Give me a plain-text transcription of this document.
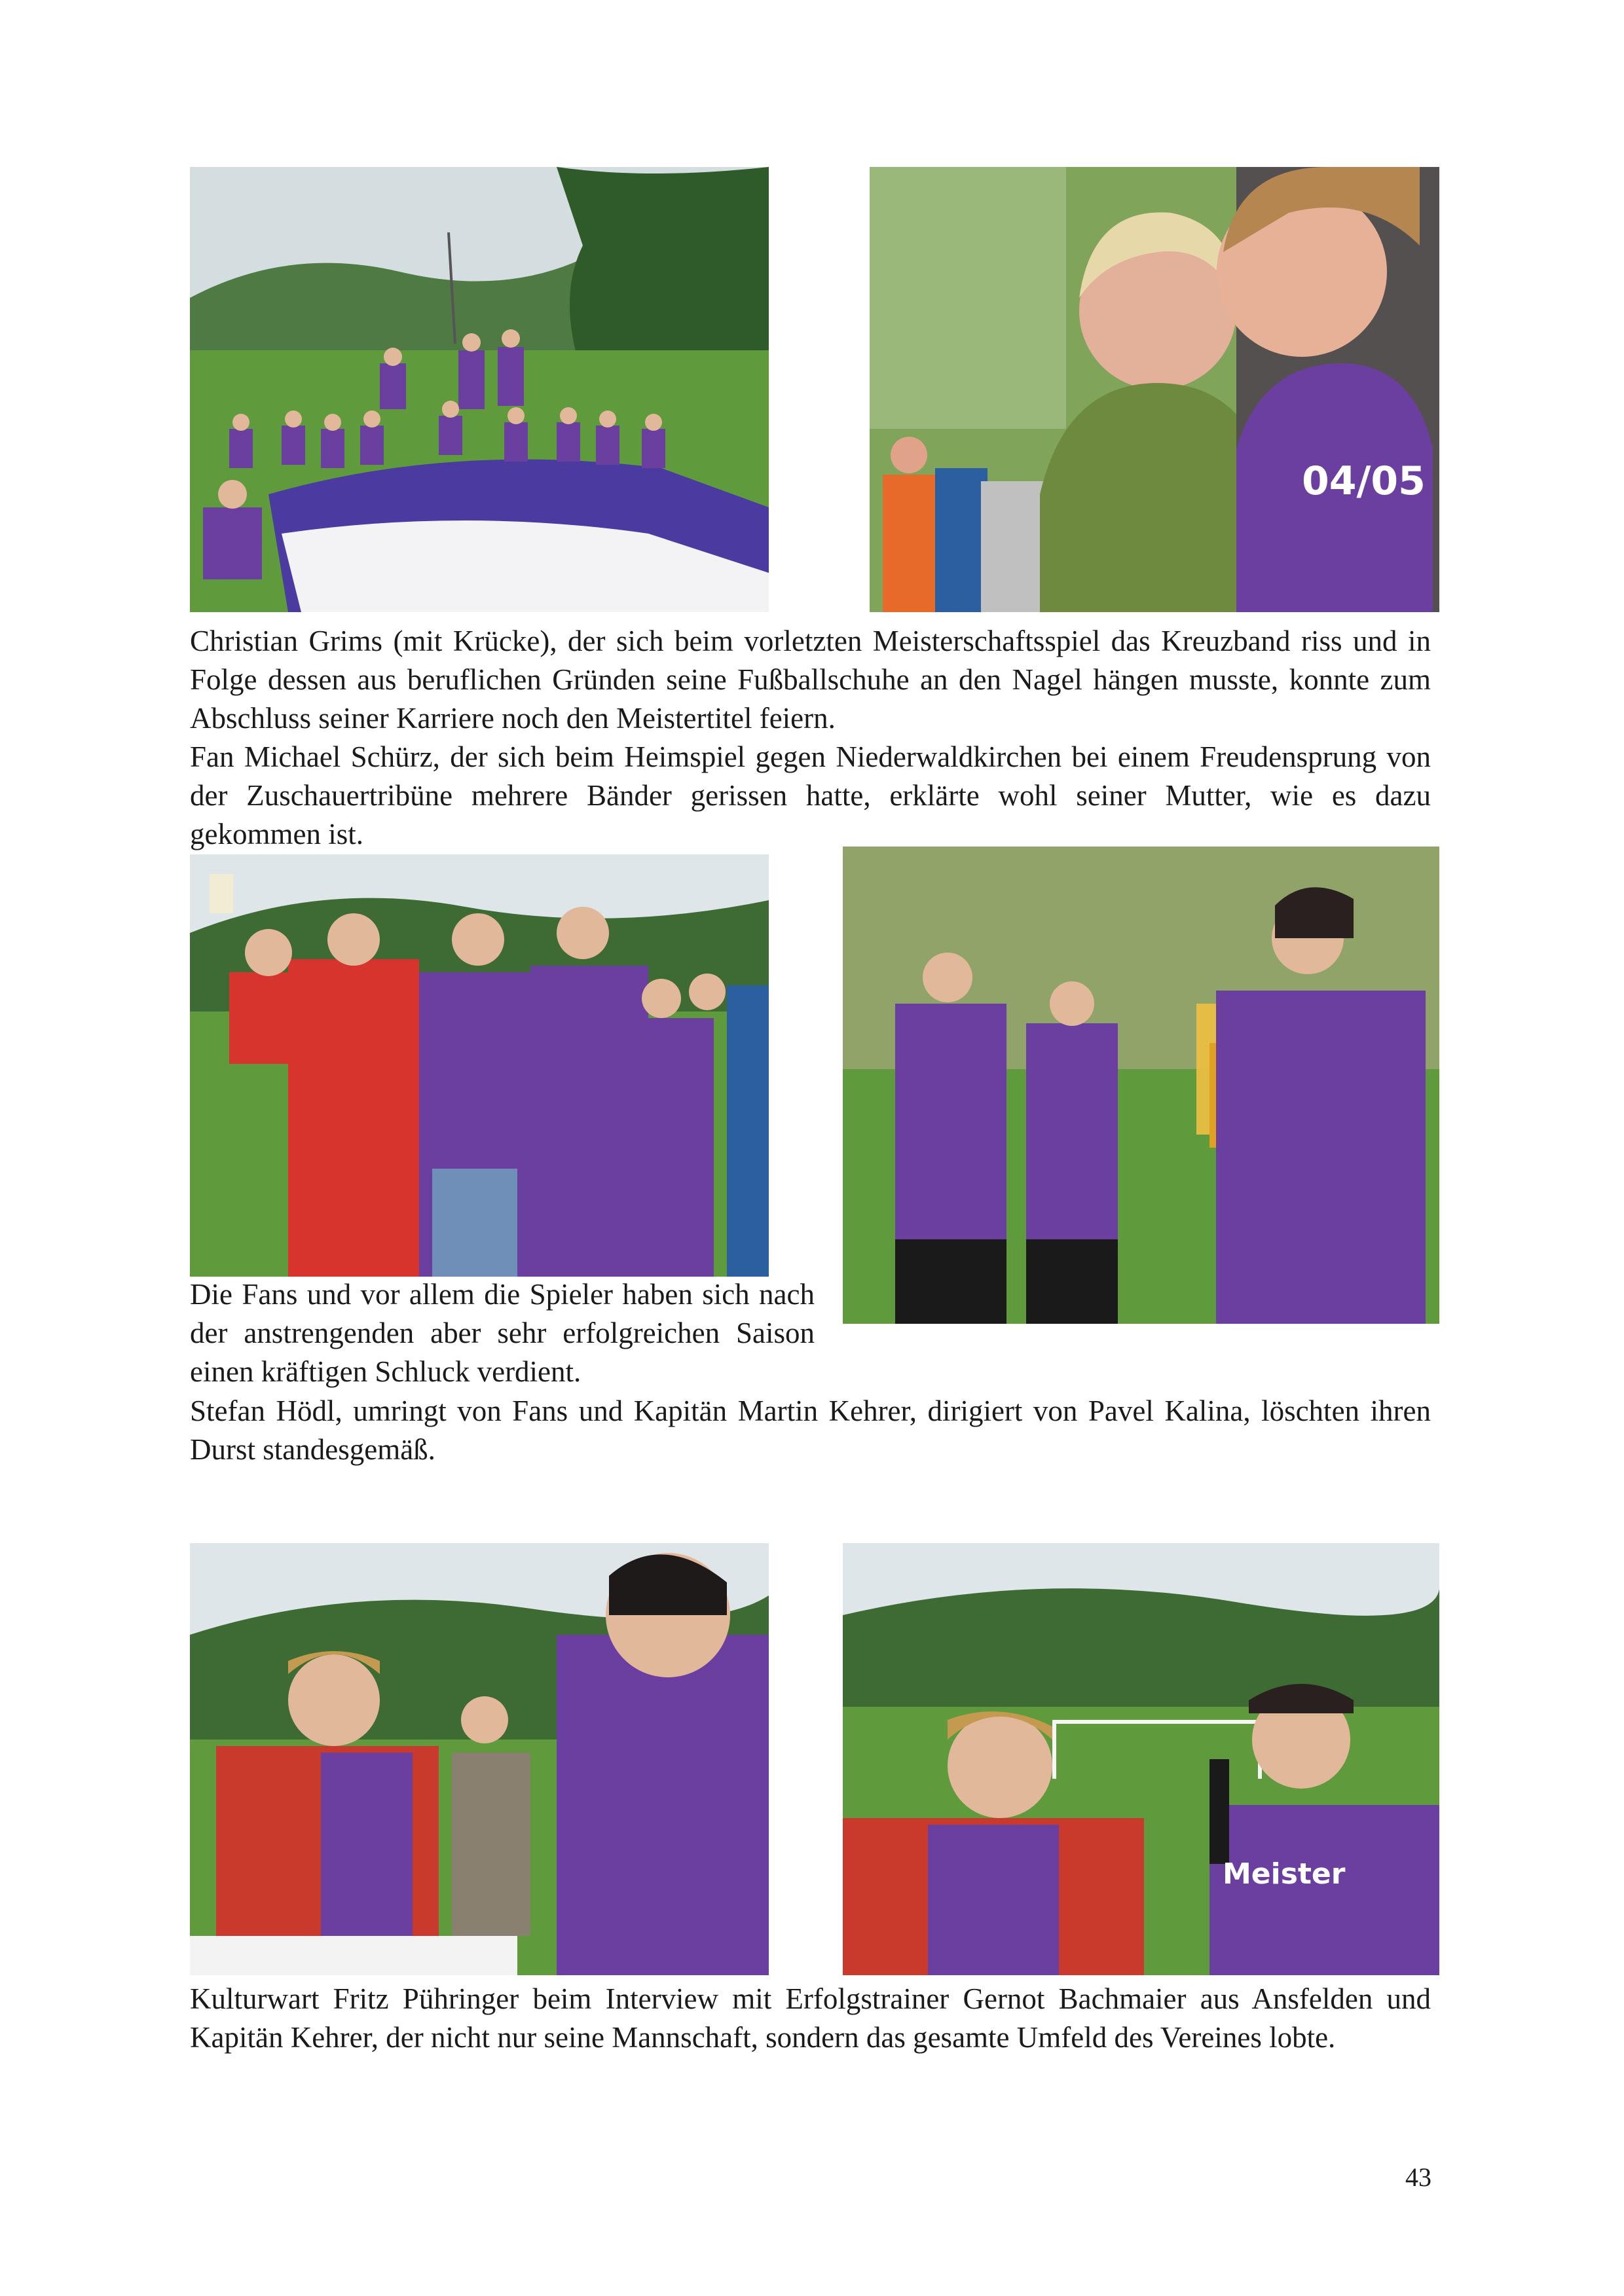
04/05

Christian Grims (mit Krücke), der sich beim vorletzten Meisterschaftsspiel das Kreuzband riss und in Folge dessen aus beruflichen Gründen seine Fußballschuhe an den Nagel hängen musste, konnte zum Abschluss seiner Karriere noch den Meistertitel feiern.

Fan Michael Schürz, der sich beim Heimspiel gegen Niederwaldkirchen bei einem Freudensprung von der Zuschauertribüne mehrere Bänder gerissen hatte, erklärte wohl seiner Mutter, wie es dazu gekommen ist.

Die Fans und vor allem die Spieler haben sich nach der anstrengenden aber sehr erfolgreichen Saison einen kräftigen Schluck verdient.

Stefan Hödl, umringt von Fans und Kapitän Martin Kehrer, dirigiert von Pavel Kalina, löschten ihren Durst standesgemäß.

Meister

Kulturwart Fritz Pühringer beim Interview mit Erfolgstrainer Gernot Bachmaier aus Ansfelden und Kapitän Kehrer, der nicht nur seine Mannschaft, sondern das gesamte Umfeld des Vereines lobte.

43
